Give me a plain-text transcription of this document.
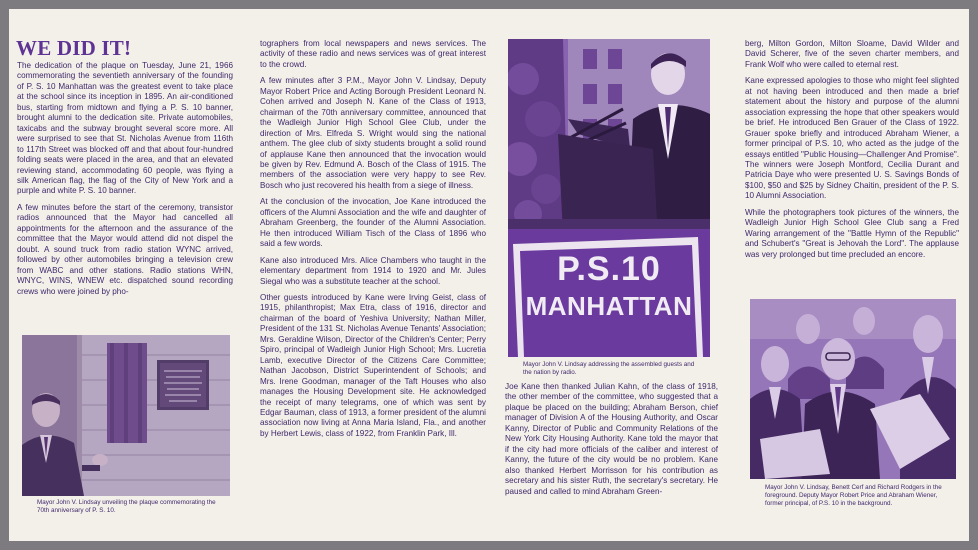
WE DID IT!

The dedication of the plaque on Tuesday, June 21, 1966 commemorating the seventieth anniversary of the founding of P. S. 10 Manhattan was the greatest event to take place at the school since its inception in 1895. An air-conditioned bus, starting from midtown and flying a P. S. 10 banner, brought alumni to the dedication site. Private automobiles, taxicabs and the subway brought several score more. All were surprised to see that St. Nicholas Avenue from 116th to 117th Street was blocked off and that about four-hundred folding seats were placed in the area, and that an elevated reviewing stand, accommodating 60 people, was flying a silk American flag, the flag of the City of New York and a purple and white P. S. 10 banner.

A few minutes before the start of the ceremony, transistor radios announced that the Mayor had cancelled all appointments for the afternoon and the assurance of the committee that the Mayor would attend did not dispel the doubt. A sound truck from radio station WYNC arrived, followed by other automobiles bringing a television crew from WABC and other stations. Radio stations WHN, WNYC, WINS, WNEW etc. dispatched sound recording crews who were joined by pho-

Mayor John V. Lindsay unveiling the plaque commemorating the 70th anniversary of P. S. 10.

tographers from local newspapers and news services. The activity of these radio and news services was of great interest to the crowd.

A few minutes after 3 P.M., Mayor John V. Lindsay, Deputy Mayor Robert Price and Acting Borough President Leonard N. Cohen arrived and Joseph N. Kane of the Class of 1913, chairman of the 70th anniversary committee, announced that the Wadleigh Junior High School Glee Club, under the direction of Mrs. Elfreda S. Wright would sing the national anthem. The glee club of sixty students brought a solid round of applause Kane then announced that the invocation would be given by Rev. Edmund A. Bosch of the Class of 1915. The members of the association were very happy to see Rev. Bosch who just recovered his health from a siege of illness.

At the conclusion of the invocation, Joe Kane introduced the officers of the Alumni Association and the wife and daughter of Abraham Greenberg, the founder of the Alumni Association. He then introduced William Tisch of the Class of 1896 who said a few words.

Kane also introduced Mrs. Alice Chambers who taught in the elementary department from 1914 to 1920 and Mr. Jules Siegal who was a substitute teacher at the school.

Other guests introduced by Kane were Irving Geist, class of 1915, philanthropist; Max Etra, class of 1916, director and chairman of the board of Yeshiva University; Nathan Miller, President of the 131 St. Nicholas Avenue Tenants' Association; Mrs. Geraldine Wilson, Director of the Children's Center; Perry Spiro, principal of Wadleigh Junior High School; Mrs. Lucretia Lamb, executive Director of the Citizens Care Committee; Nathan Jacobson, District Superintendent of Schools; and Mrs. Irene Goodman, manager of the Taft Houses who also manages the Housing Development site. He acknowledged the receipt of many telegrams, one of which was sent by Edgar Bauman, class of 1913, a former president of the alumni association now living at Anna Maria Island, Fla., and another by Herbert Lewis, class of 1922, from Franklin Park, Ill.

P.S.10
MANHATTAN
Mayor John V. Lindsay addressing the assembled guests and the nation by radio.

Joe Kane then thanked Julian Kahn, of the class of 1918, the other member of the committee, who suggested that a plaque be placed on the building; Abraham Berson, chief manager of Division A of the Housing Authority, and Oscar Kanny, Director of Public and Community Relations of the New York City Housing Authority. Kane told the mayor that if the city had more officials of the caliber and interest of Kanny, the future of the city would be no problem. Kane also thanked Herbert Morrisson for his contribution as secretary and his sister Ruth, the secretary's secretary. He paused and called to mind Abraham Green-

berg, Milton Gordon, Milton Sloame, David Wilder and David Scherer, five of the seven charter members, and Frank Wolf who were called to eternal rest.

Kane expressed apologies to those who might feel slighted at not having been introduced and then made a brief statement about the history and purpose of the alumni association expressing the hope that other speakers would be brief. He introduced Ben Grauer of the Class of 1922. Grauer spoke briefly and introduced Abraham Wiener, a former principal of P.S. 10, who acted as the judge of the essays entitled "Public Housing—Challenger And Promise". The winners were Joseph Montford, Cecilia Durant and Patricia Daye who were presented U. S. Savings Bonds of $100, $50 and $25 by Sidney Chaitin, president of the P. S. 10 Alumni Association.

While the photographers took pictures of the winners, the Wadleigh Junior High School Glee Club sang a Fred Waring arrangement of the "Battle Hymn of the Republic" and Schubert's "Great is Jehovah the Lord". The applause was very prolonged but time precluded an encore.

Mayor John V. Lindsay, Benett Cerf and Richard Rodgers in the foreground. Deputy Mayor Robert Price and Abraham Wiener, former principal, of P.S. 10 in the background.
